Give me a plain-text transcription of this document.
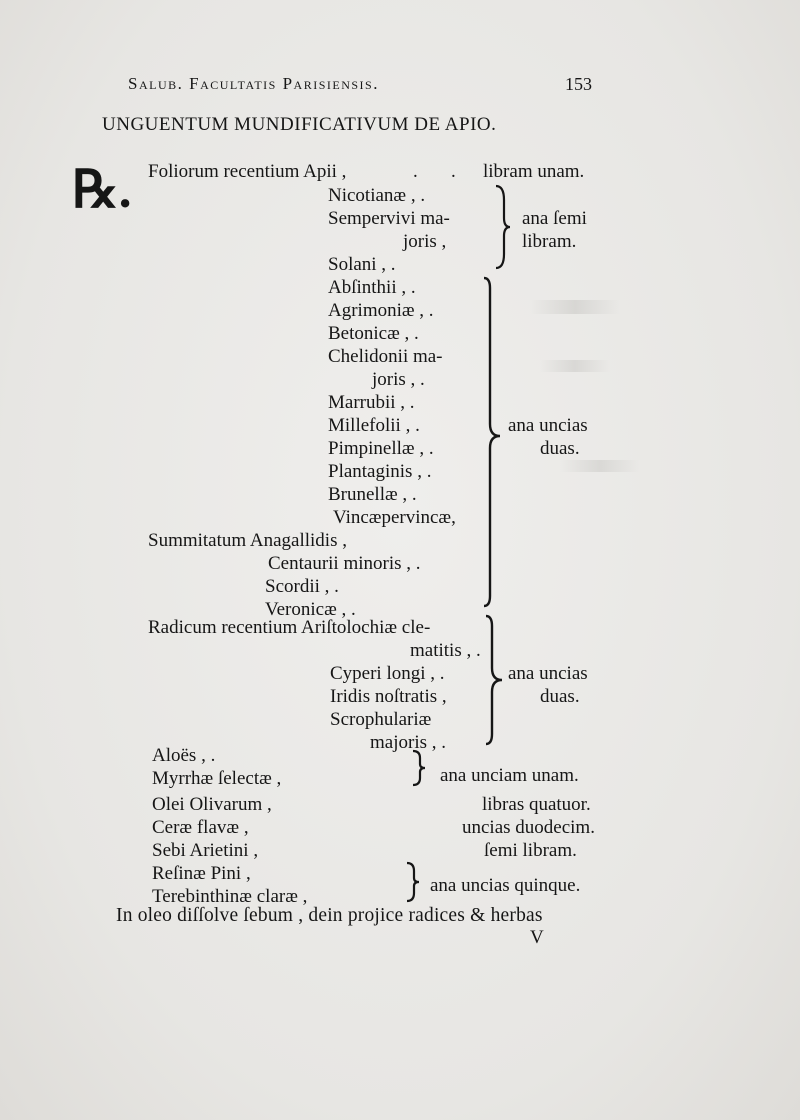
Salub. Facultatis Parisiensis.	153
UNGUENTUM MUNDIFICATIVUM DE APIO.
℞. Foliorum recentium Apii ,	. . libram unam.
Nicotianæ , .
Sempervivi ma-	ana ſemi
joris ,	libram.
Solani , .
Abſinthii , .
Agrimoniæ , .
Betonicæ , .
Chelidonii ma-
joris , .
Marrubii , .
Millefolii , .	ana uncias
Pimpinellæ , .	duas.
Plantaginis , .
Brunellæ , .
Vincæpervincæ,
Summitatum Anagallidis ,
Centaurii minoris , .
Scordii , .
Veronicæ , .
Radicum recentium Ariſtolochiæ cle-
matitis , .
Cyperi longi , .	ana uncias
Iridis noſtratis ,	duas.
Scrophulariæ
majoris , .
Aloës , .
Myrrhæ ſelectæ ,	ana unciam unam.
Olei Olivarum ,	libras quatuor.
Ceræ flavæ ,	uncias duodecim.
Sebi Arietini ,	ſemi libram.
Reſinæ Pini ,
Terebinthinæ claræ ,
ana uncias quinque.
In oleo diſſolve ſebum , dein projice radices & herbas
V
